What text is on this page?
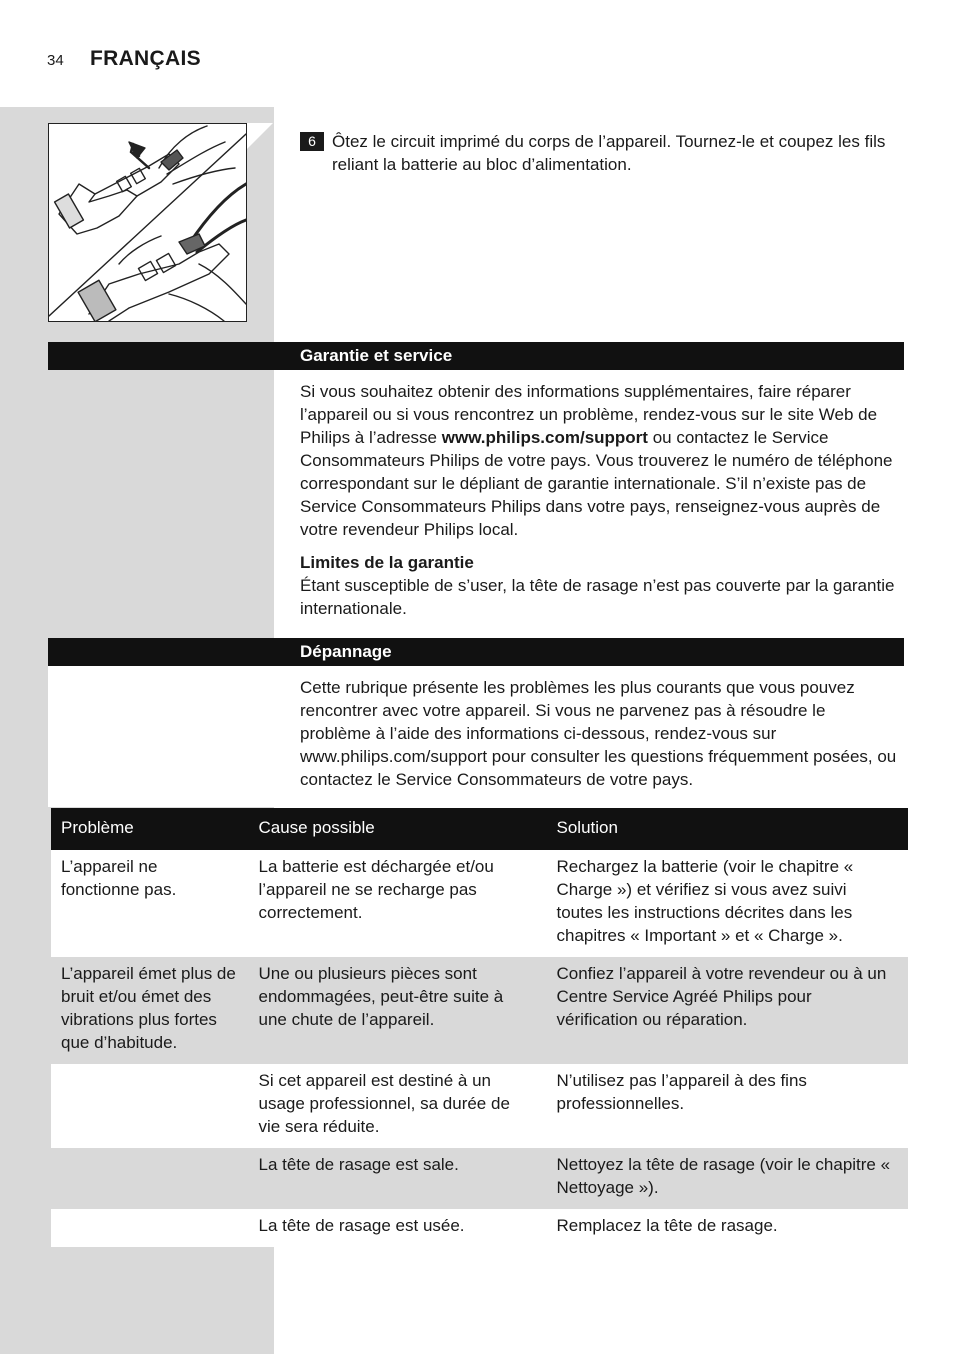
34 FRANÇAIS
6 Ôtez le circuit imprimé du corps de l’appareil. Tournez-le et coupez les fils reliant la batterie au bloc d’alimentation.
Garantie et service
Si vous souhaitez obtenir des informations supplémentaires, faire réparer l’appareil ou si vous rencontrez un problème, rendez-vous sur le site Web de Philips à l’adresse www.philips.com/support ou contactez le Service Consommateurs Philips de votre pays. Vous trouverez le numéro de téléphone correspondant sur le dépliant de garantie internationale. S’il n’existe pas de Service Consommateurs Philips dans votre pays, renseignez-vous auprès de votre revendeur Philips local.
Limites de la garantie
Étant susceptible de s’user, la tête de rasage n’est pas couverte par la garantie internationale.
Dépannage
Cette rubrique présente les problèmes les plus courants que vous pouvez rencontrer avec votre appareil. Si vous ne parvenez pas à résoudre le problème à l’aide des informations ci-dessous, rendez-vous sur www.philips.com/support pour consulter les questions fréquemment posées, ou contactez le Service Consommateurs de votre pays.
Problème	Cause possible	Solution
L’appareil ne fonctionne pas.	La batterie est déchargée et/ou l’appareil ne se recharge pas correctement.	Rechargez la batterie (voir le chapitre « Charge ») et vérifiez si vous avez suivi toutes les instructions décrites dans les chapitres « Important » et « Charge ».
L’appareil émet plus de bruit et/ou émet des vibrations plus fortes que d’habitude.	Une ou plusieurs pièces sont endommagées, peut-être suite à une chute de l’appareil.	Confiez l’appareil à votre revendeur ou à un Centre Service Agréé Philips pour vérification ou réparation.
	Si cet appareil est destiné à un usage professionnel, sa durée de vie sera réduite.	N’utilisez pas l’appareil à des fins professionnelles.
	La tête de rasage est sale.	Nettoyez la tête de rasage (voir le chapitre « Nettoyage »).
	La tête de rasage est usée.	Remplacez la tête de rasage.
